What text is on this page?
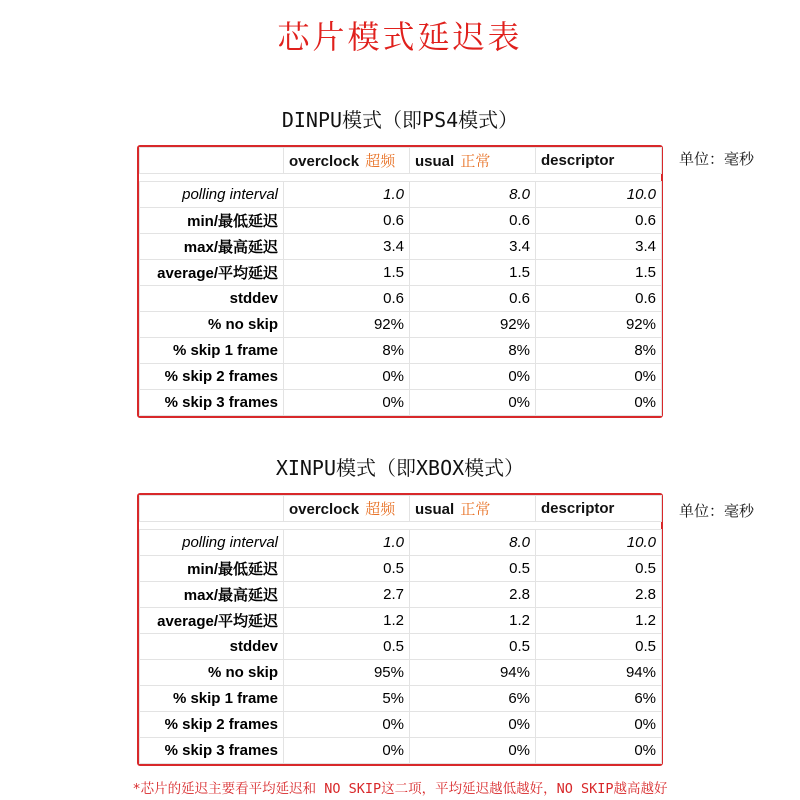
芯片模式延迟表
DINPU模式（即PS4模式）
单位：毫秒
	overclock 超频	usual 正常	descriptor

polling interval	1.0	8.0	10.0
min/最低延迟	0.6	0.6	0.6
max/最高延迟	3.4	3.4	3.4
average/平均延迟	1.5	1.5	1.5
stddev	0.6	0.6	0.6
% no skip	92%	92%	92%
% skip 1 frame	8%	8%	8%
% skip 2 frames	0%	0%	0%
% skip 3 frames	0%	0%	0%
XINPU模式（即XBOX模式）
单位：毫秒
	overclock 超频	usual 正常	descriptor

polling interval	1.0	8.0	10.0
min/最低延迟	0.5	0.5	0.5
max/最高延迟	2.7	2.8	2.8
average/平均延迟	1.2	1.2	1.2
stddev	0.5	0.5	0.5
% no skip	95%	94%	94%
% skip 1 frame	5%	6%	6%
% skip 2 frames	0%	0%	0%
% skip 3 frames	0%	0%	0%
*芯片的延迟主要看平均延迟和 NO SKIP这二项，平均延迟越低越好，NO SKIP越高越好
